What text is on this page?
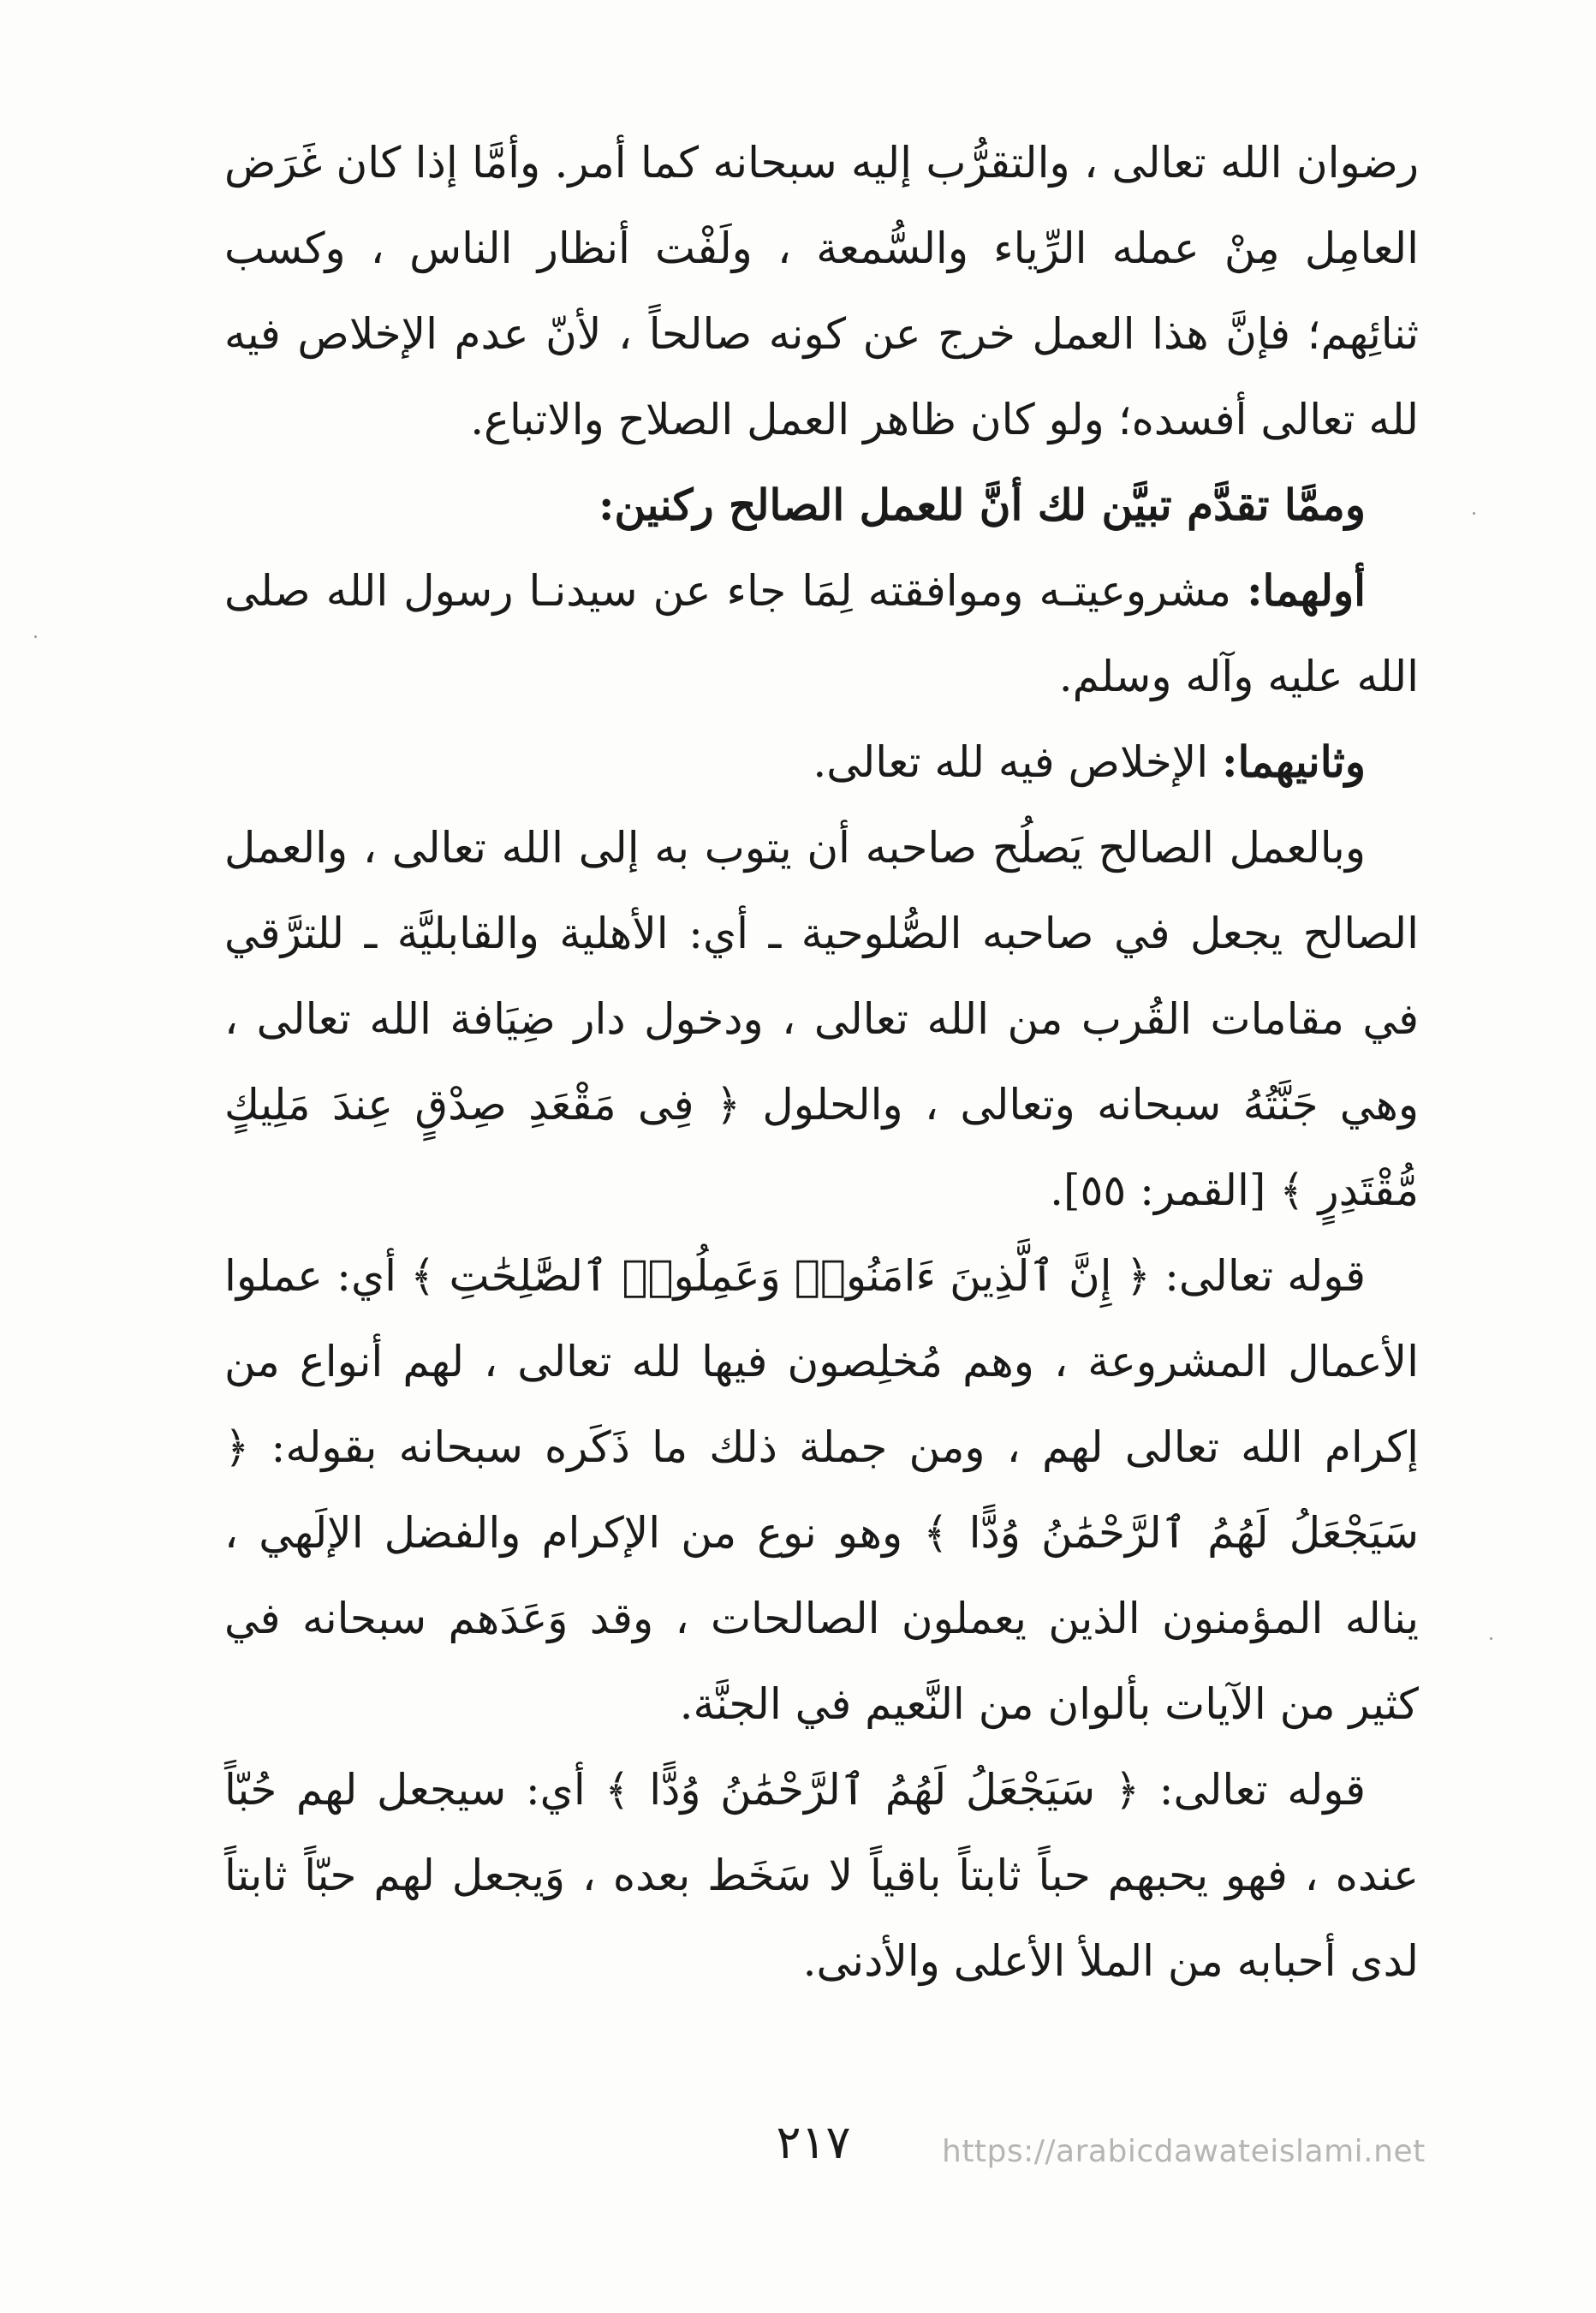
رضوان الله تعالى ، والتقرُّب إليه سبحانه كما أمر. وأمَّا إذا كان غَرَض العامِل مِنْ عمله الرِّياء والسُّمعة ، ولَفْت أنظار الناس ، وكسب ثنائِهم؛ فإنَّ هذا العمل خرج عن كونه صالحاً ، لأنّ عدم الإخلاص فيه لله تعالى أفسده؛ ولو كان ظاهر العمل الصلاح والاتباع.

وممَّا تقدَّم تبيَّن لك أنَّ للعمل الصالح ركنين:

أولهما: مشروعيتـه وموافقته لِمَا جاء عن سيدنـا رسول الله صلى الله عليه وآله وسلم.

وثانيهما: الإخلاص فيه لله تعالى.

وبالعمل الصالح يَصلُح صاحبه أن يتوب به إلى الله تعالى ، والعمل الصالح يجعل في صاحبه الصُّلوحية ـ أي: الأهلية والقابليَّة ـ للترَّقي في مقامات القُرب من الله تعالى ، ودخول دار ضِيَافة الله تعالى ، وهي جَنَّتُهُ سبحانه وتعالى ، والحلول ﴿ فِى مَقْعَدِ صِدْقٍ عِندَ مَلِيكٍ مُّقْتَدِرٍ ﴾ [القمر: ٥٥].

قوله تعالى: ﴿ إِنَّ ٱلَّذِينَ ءَامَنُوا۟ وَعَمِلُوا۟ ٱلصَّٰلِحَٰتِ ﴾ أي: عملوا الأعمال المشروعة ، وهم مُخلِصون فيها لله تعالى ، لهم أنواع من إكرام الله تعالى لهم ، ومن جملة ذلك ما ذَكَره سبحانه بقوله: ﴿ سَيَجْعَلُ لَهُمُ ٱلرَّحْمَٰنُ وُدًّا ﴾ وهو نوع من الإكرام والفضل الإلَهي ، يناله المؤمنون الذين يعملون الصالحات ، وقد وَعَدَهم سبحانه في كثير من الآيات بألوان من النَّعيم في الجنَّة.

قوله تعالى: ﴿ سَيَجْعَلُ لَهُمُ ٱلرَّحْمَٰنُ وُدًّا ﴾ أي: سيجعل لهم حُبّاً عنده ، فهو يحبهم حباً ثابتاً باقياً لا سَخَط بعده ، وَيجعل لهم حبّاً ثابتاً لدى أحبابه من الملأ الأعلى والأدنى.

٢١٧	https://arabicdawateislami.net
